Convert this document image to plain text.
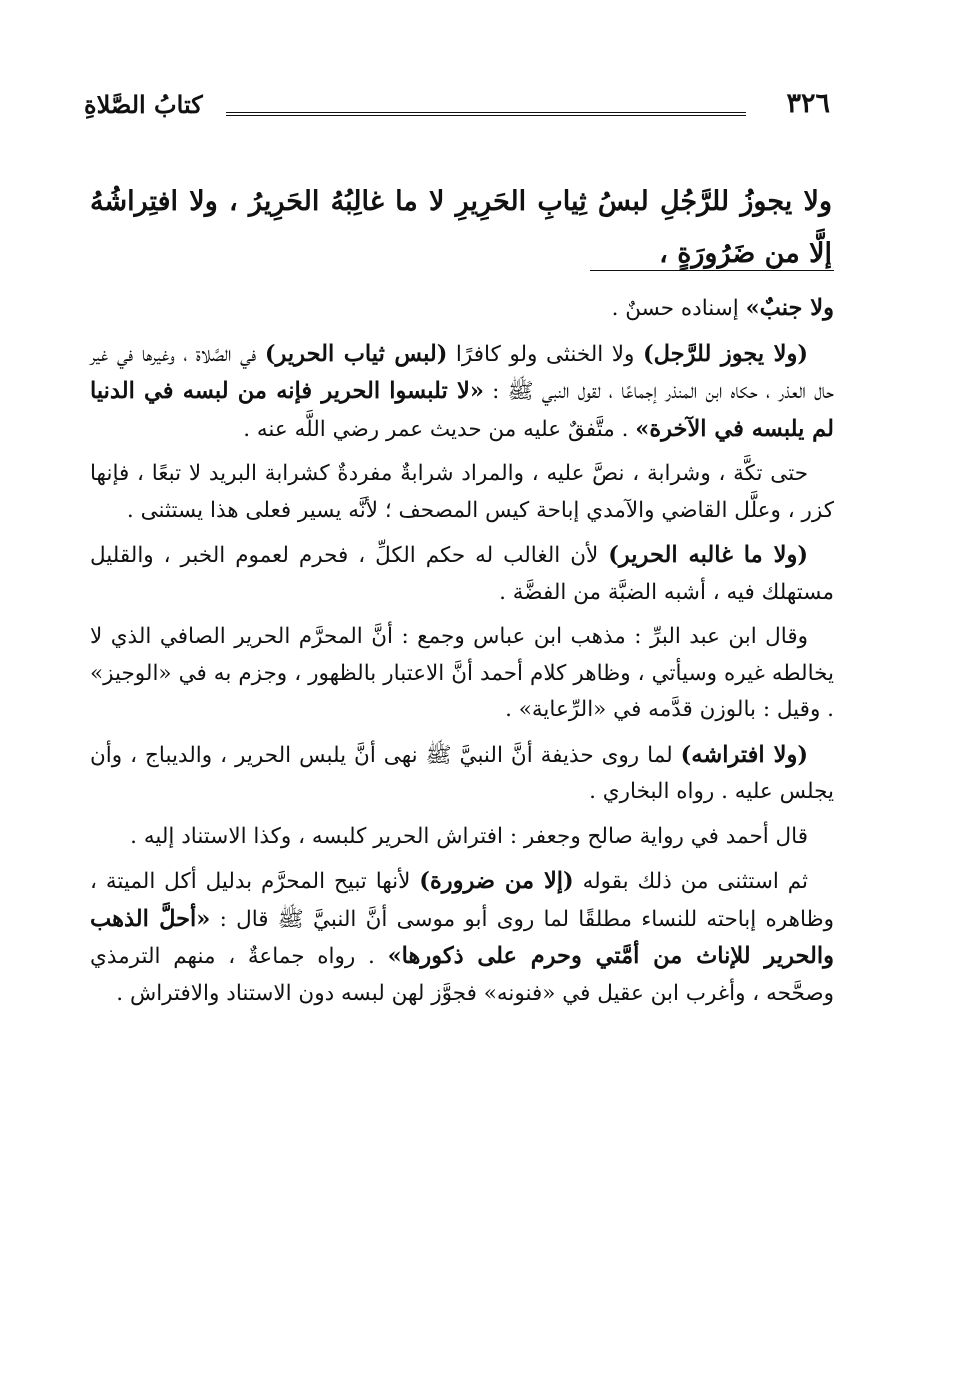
٣٢٦
كتابُ الصَّلاةِ
ولا يجوزُ للرَّجُلِ لبسُ ثِيابِ الحَرِيرِ لا ما غالِبُهُ الحَرِيرُ ، ولا افتِراشُهُ إلَّا من ضَرُورَةٍ ،

ولا جنبٌ» إسناده حسنٌ .

(ولا يجوز للرَّجل) ولا الخنثى ولو كافرًا (لبس ثياب الحرير) في الصَّلاة ، وغيرها في غير حال العذر ، حكاه ابن المنذر إجماعًا ، لقول النبي ﷺ : «لا تلبسوا الحرير فإنه من لبسه في الدنيا لم يلبسه في الآخرة» . متَّفقٌ عليه من حديث عمر رضي اللَّه عنه .

حتى تكَّة ، وشرابة ، نصَّ عليه ، والمراد شرابةٌ مفردةٌ كشرابة البريد لا تبعًا ، فإنها كزر ، وعلَّل القاضي والآمدي إباحة كيس المصحف ؛ لأنَّه يسير فعلى هذا يستثنى .

(ولا ما غالبه الحرير) لأن الغالب له حكم الكلِّ ، فحرم لعموم الخبر ، والقليل مستهلك فيه ، أشبه الضبَّة من الفضَّة .

وقال ابن عبد البرِّ : مذهب ابن عباس وجمع : أنَّ المحرَّم الحرير الصافي الذي لا يخالطه غيره وسيأتي ، وظاهر كلام أحمد أنَّ الاعتبار بالظهور ، وجزم به في «الوجيز» . وقيل : بالوزن قدَّمه في «الرِّعاية» .

(ولا افتراشه) لما روى حذيفة أنَّ النبيَّ ﷺ نهى أنَّ يلبس الحرير ، والديباج ، وأن يجلس عليه . رواه البخاري .

قال أحمد في رواية صالح وجعفر : افتراش الحرير كلبسه ، وكذا الاستناد إليه .

ثم استثنى من ذلك بقوله (إلا من ضرورة) لأنها تبيح المحرَّم بدليل أكل الميتة ، وظاهره إباحته للنساء مطلقًا لما روى أبو موسى أنَّ النبيَّ ﷺ قال : «أحلَّ الذهب والحرير للإناث من أمَّتي وحرم على ذكورها» . رواه جماعةٌ ، منهم الترمذي وصحَّحه ، وأغرب ابن عقيل في «فنونه» فجوَّز لهن لبسه دون الاستناد والافتراش .
